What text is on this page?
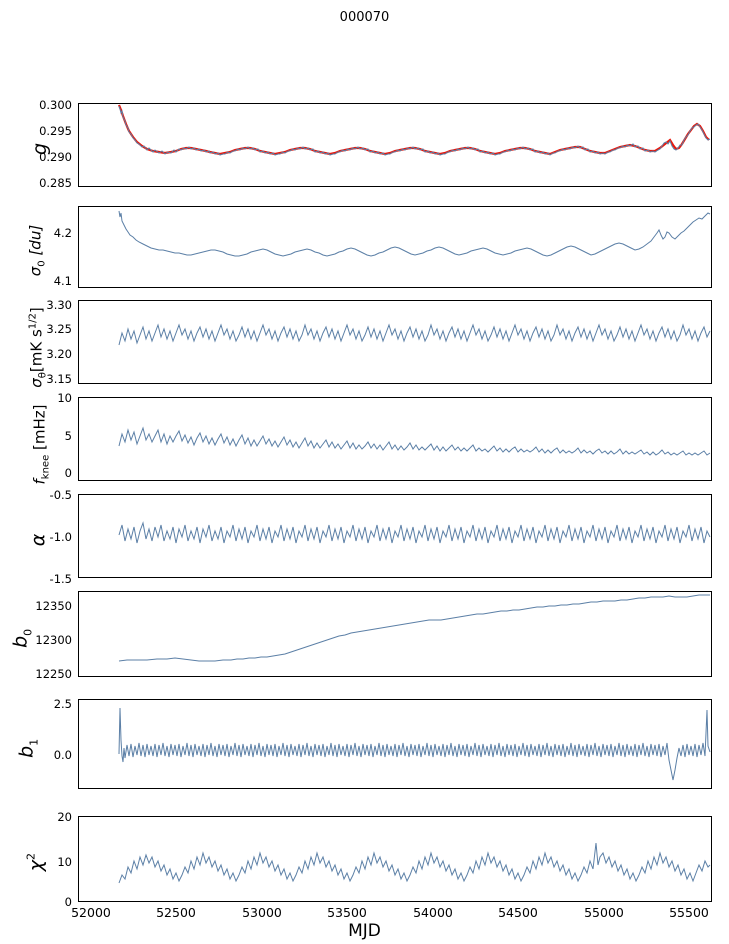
000070
g
$\sigma_0$ [du]
$\sigma_\theta[mK$ $s^{1/2}$]
$f_{knee}$ [mHz]
α
$b_0$
$b_1$
$\chi^2$
0.300
0.295
0.290
0.285
4.2
4.1
3.30
3.25
3.20
3.15
10
5
0
-0.5
-1.0
-1.5
12350
12300
12250
2.5
0.0
20
10
0
52000	52500	53000	53500	54000	54500	55000	55500
MJD
